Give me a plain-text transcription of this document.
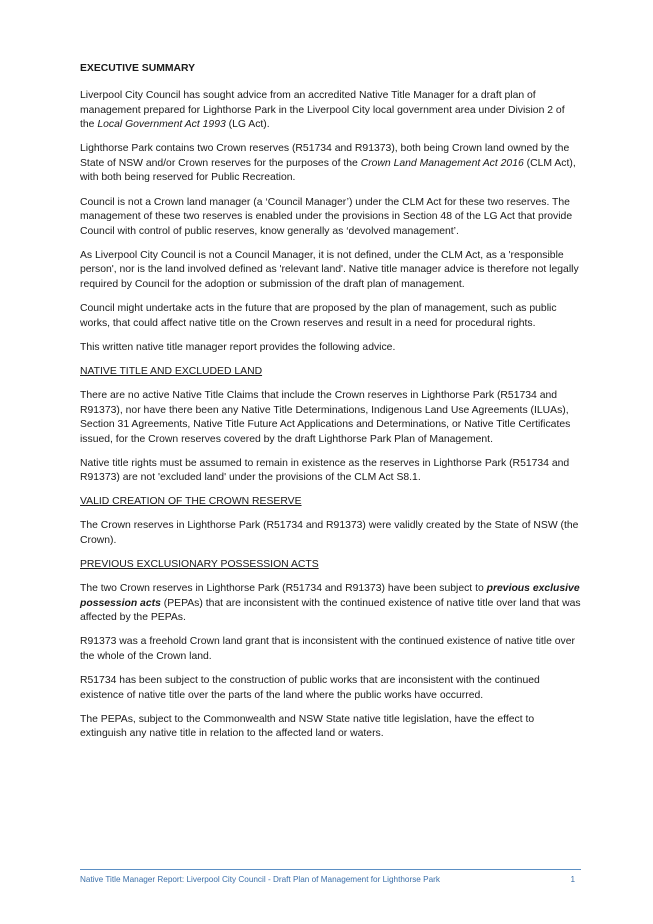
EXECUTIVE SUMMARY

Liverpool City Council has sought advice from an accredited Native Title Manager for a draft plan of management prepared for Lighthorse Park in the Liverpool City local government area under Division 2 of the Local Government Act 1993 (LG Act).

Lighthorse Park contains two Crown reserves (R51734 and R91373), both being Crown land owned by the State of NSW and/or Crown reserves for the purposes of the Crown Land Management Act 2016 (CLM Act), with both being reserved for Public Recreation.

Council is not a Crown land manager (a ‘Council Manager’) under the CLM Act for these two reserves. The management of these two reserves is enabled under the provisions in Section 48 of the LG Act that provide Council with control of public reserves, know generally as ‘devolved management’.

As Liverpool City Council is not a Council Manager, it is not defined, under the CLM Act, as a 'responsible person', nor is the land involved defined as 'relevant land'. Native title manager advice is therefore not legally required by Council for the adoption or submission of the draft plan of management.

Council might undertake acts in the future that are proposed by the plan of management, such as public works, that could affect native title on the Crown reserves and result in a need for procedural rights.

This written native title manager report provides the following advice.

NATIVE TITLE AND EXCLUDED LAND

There are no active Native Title Claims that include the Crown reserves in Lighthorse Park (R51734 and R91373), nor have there been any Native Title Determinations, Indigenous Land Use Agreements (ILUAs), Section 31 Agreements, Native Title Future Act Applications and Determinations, or Native Title Certificates issued, for the Crown reserves covered by the draft Lighthorse Park Plan of Management.

Native title rights must be assumed to remain in existence as the reserves in Lighthorse Park (R51734 and R91373) are not 'excluded land' under the provisions of the CLM Act S8.1.

VALID CREATION OF THE CROWN RESERVE

The Crown reserves in Lighthorse Park (R51734 and R91373) were validly created by the State of NSW (the Crown).

PREVIOUS EXCLUSIONARY POSSESSION ACTS

The two Crown reserves in Lighthorse Park (R51734 and R91373) have been subject to previous exclusive possession acts (PEPAs) that are inconsistent with the continued existence of native title over land that was affected by the PEPAs.

R91373 was a freehold Crown land grant that is inconsistent with the continued existence of native title over the whole of the Crown land.

R51734 has been subject to the construction of public works that are inconsistent with the continued existence of native title over the parts of the land where the public works have occurred.

The PEPAs, subject to the Commonwealth and NSW State native title legislation, have the effect to extinguish any native title in relation to the affected land or waters.

Native Title Manager Report: Liverpool City Council - Draft Plan of Management for Lighthorse Park	1
